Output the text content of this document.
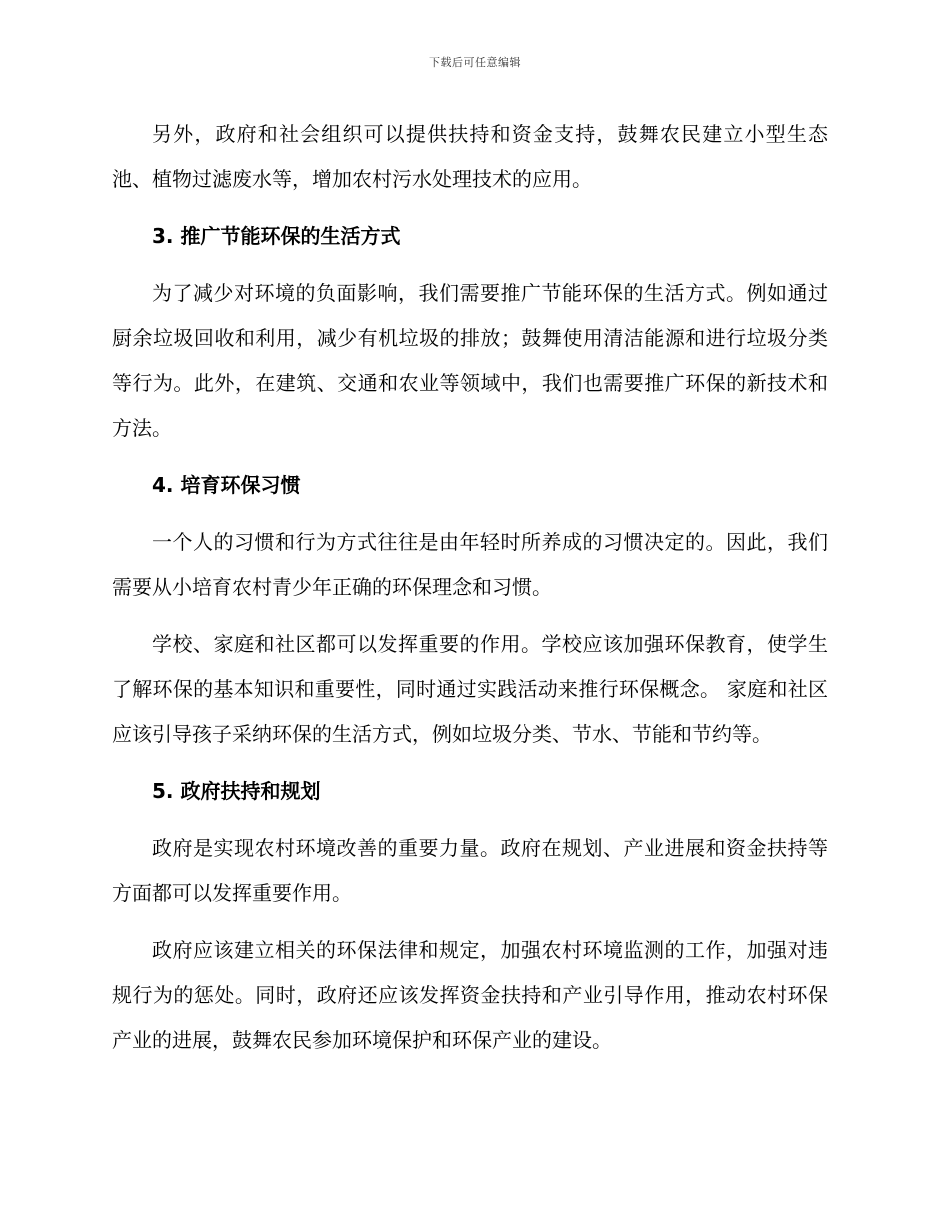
下载后可任意编辑

另外，政府和社会组织可以提供扶持和资金支持，鼓舞农民建立小型生态池、植物过滤废水等，增加农村污水处理技术的应用。

3. 推广节能环保的生活方式

为了减少对环境的负面影响，我们需要推广节能环保的生活方式。例如通过厨余垃圾回收和利用，减少有机垃圾的排放；鼓舞使用清洁能源和进行垃圾分类等行为。此外，在建筑、交通和农业等领域中，我们也需要推广环保的新技术和方法。

4. 培育环保习惯

一个人的习惯和行为方式往往是由年轻时所养成的习惯决定的。因此，我们需要从小培育农村青少年正确的环保理念和习惯。

学校、家庭和社区都可以发挥重要的作用。学校应该加强环保教育，使学生了解环保的基本知识和重要性，同时通过实践活动来推行环保概念。 家庭和社区应该引导孩子采纳环保的生活方式，例如垃圾分类、节水、节能和节约等。

5. 政府扶持和规划

政府是实现农村环境改善的重要力量。政府在规划、产业进展和资金扶持等方面都可以发挥重要作用。

政府应该建立相关的环保法律和规定，加强农村环境监测的工作，加强对违规行为的惩处。同时，政府还应该发挥资金扶持和产业引导作用，推动农村环保产业的进展，鼓舞农民参加环境保护和环保产业的建设。
